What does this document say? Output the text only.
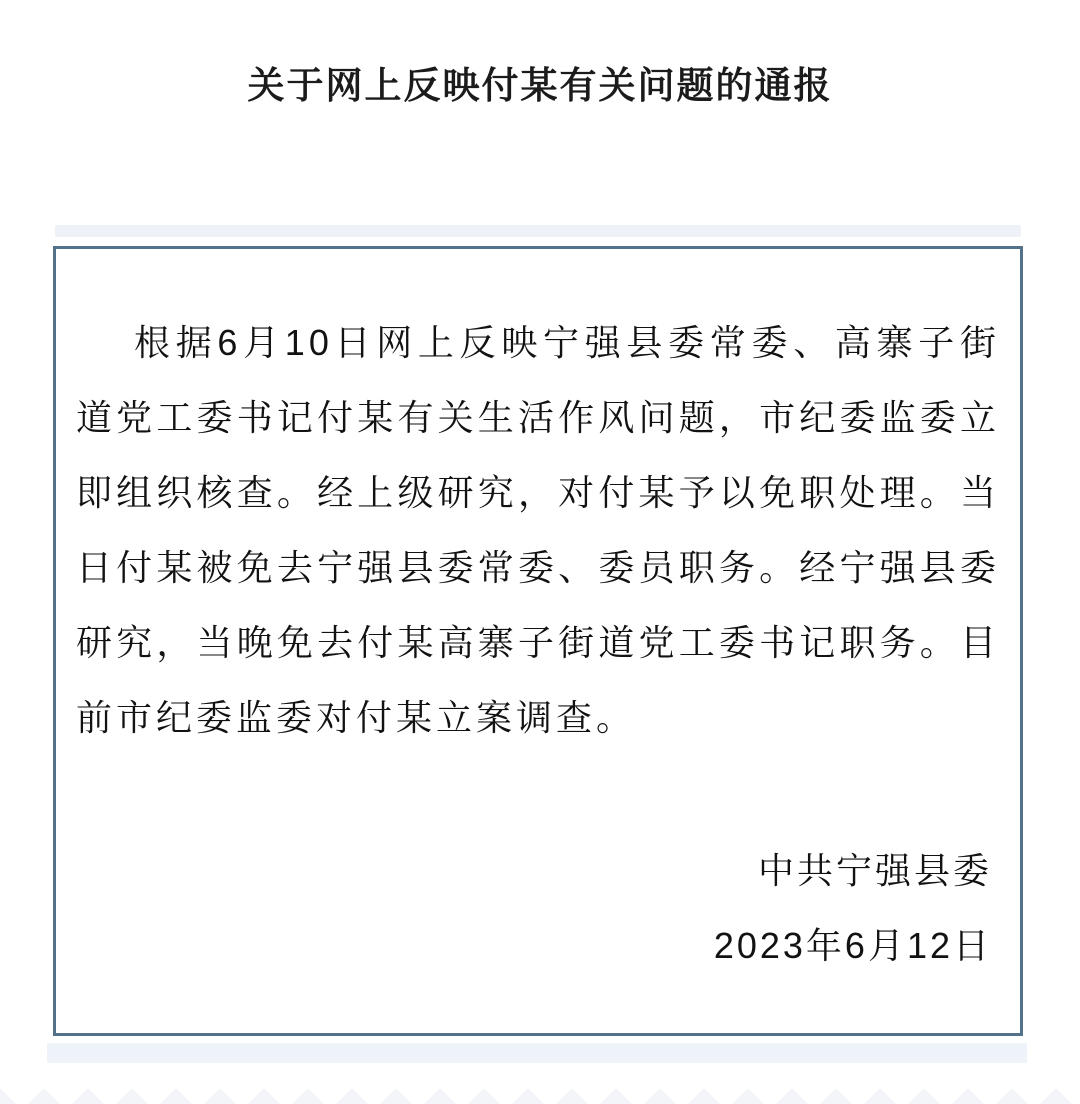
关于网上反映付某有关问题的通报

根据6月10日网上反映宁强县委常委、高寨子街道党工委书记付某有关生活作风问题，市纪委监委立即组织核查。经上级研究，对付某予以免职处理。当日付某被免去宁强县委常委、委员职务。经宁强县委研究，当晚免去付某高寨子街道党工委书记职务。目前市纪委监委对付某立案调查。

中共宁强县委
2023年6月12日
